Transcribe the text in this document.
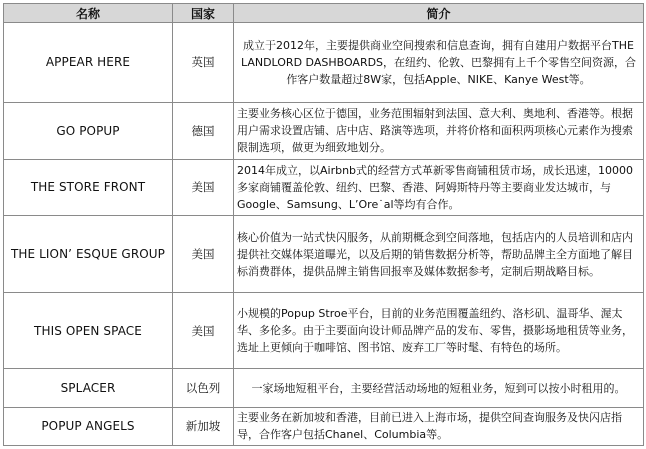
名称	国家	简介
APPEAR HERE	英国	成立于2012年，主要提供商业空间搜索和信息查询，拥有自建用户数据平台THE LANDLORD DASHBOARDS，在纽约、伦敦、巴黎拥有上千个零售空间资源，合作客户数量超过8W家，包括Apple、NIKE、Kanye West等。
GO POPUP	德国	主要业务核心区位于德国，业务范围辐射到法国、意大利、奥地利、香港等。根据用户需求设置店铺、店中店、路演等选项，并将价格和面积两项核心元素作为搜索限制选项，做更为细致地划分。
THE STORE FRONT	美国	2014年成立，以Airbnb式的经营方式革新零售商铺租赁市场，成长迅速，10000多家商铺覆盖伦敦、纽约、巴黎、香港、阿姆斯特丹等主要商业发达城市，与Google、Samsung、L’Ore˙al等均有合作。
THE LION’ ESQUE GROUP	美国	核心价值为一站式快闪服务，从前期概念到空间落地，包括店内的人员培训和店内提供社交媒体渠道曝光，以及后期的销售数据分析等，帮助品牌主全方面地了解目标消费群体，提供品牌主销售回报率及媒体数据参考，定制后期战略目标。
THIS OPEN SPACE	美国	小规模的Popup Stroe平台，目前的业务范围覆盖纽约、洛杉矶、温哥华、渥太华、多伦多。由于主要面向设计师品牌产品的发布、零售，摄影场地租赁等业务，选址上更倾向于咖啡馆、图书馆、废弃工厂等时髦、有特色的场所。
SPLACER	以色列	一家场地短租平台，主要经营活动场地的短租业务，短到可以按小时租用的。
POPUP ANGELS	新加坡	主要业务在新加坡和香港，目前已进入上海市场，提供空间查询服务及快闪店指导，合作客户包括Chanel、Columbia等。
